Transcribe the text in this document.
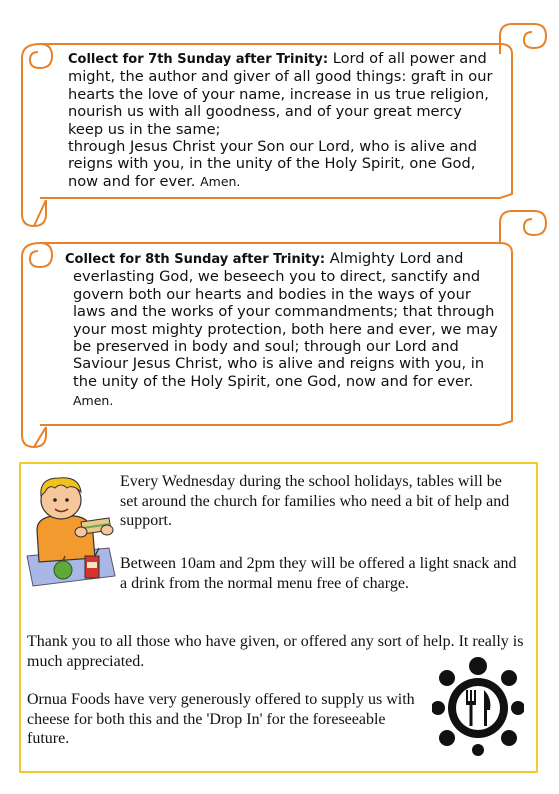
Collect for 7th Sunday after Trinity: Lord of all power and
might, the author and giver of all good things: graft in our
hearts the love of your name, increase in us true religion,
nourish us with all goodness, and of your great mercy
keep us in the same;
through Jesus Christ your Son our Lord, who is alive and
reigns with you, in the unity of the Holy Spirit, one God,
now and for ever. Amen.
Collect for 8th Sunday after Trinity: Almighty Lord and
everlasting God, we beseech you to direct, sanctify and
govern both our hearts and bodies in the ways of your
laws and the works of your commandments; that through
your most mighty protection, both here and ever, we may
be preserved in body and soul; through our Lord and
Saviour Jesus Christ, who is alive and reigns with you, in
the unity of the Holy Spirit, one God, now and for ever.
Amen.

Every Wednesday during the school holidays, tables will be set around the church for families who need a bit of help and support.

Between 10am and 2pm they will be offered a light snack and a drink from the normal menu free of charge.

Thank you to all those who have given, or offered any sort of help. It really is much appreciated.

Ornua Foods have very generously offered to supply us with cheese for both this and the 'Drop In' for the foreseeable future.
